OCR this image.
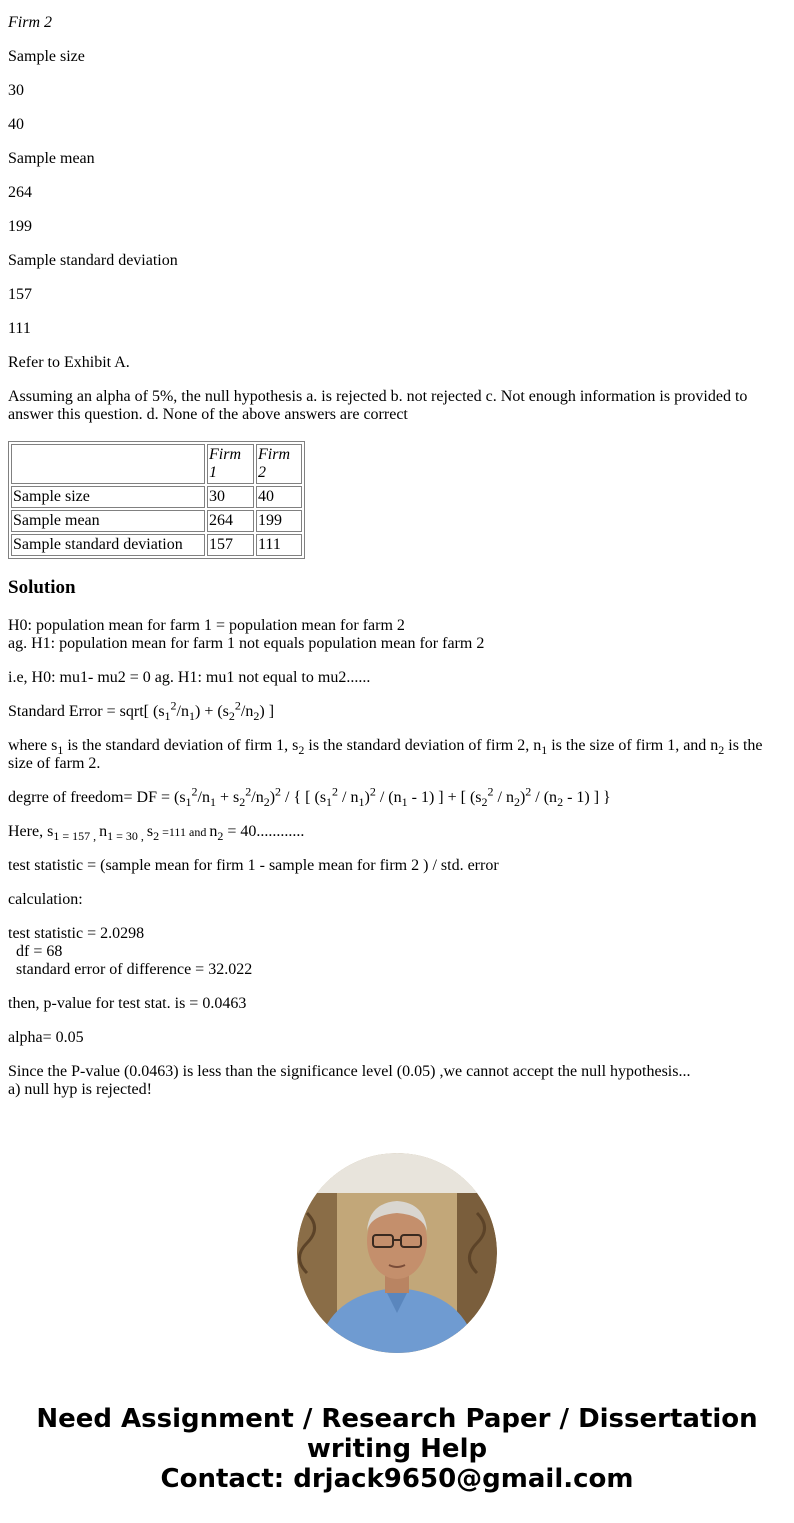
Firm 2

Sample size

30

40

Sample mean

264

199

Sample standard deviation

157

111

Refer to Exhibit A.

Assuming an alpha of 5%, the null hypothesis a. is rejected b. not rejected c. Not enough information is provided to answer this question. d. None of the above answers are correct

	Firm 1	Firm 2
Sample size	30	40
Sample mean	264	199
Sample standard deviation	157	111
Solution

H0: population mean for farm 1 = population mean for farm 2
ag. H1: population mean for farm 1 not equals population mean for farm 2

i.e, H0: mu1- mu2 = 0 ag. H1: mu1 not equal to mu2......

Standard Error = sqrt[ $(s_1^2/n_1) + (s_2^2/n_2)$ ]

where $s_1$ is the standard deviation of firm 1, $s_2$ is the standard deviation of firm 2, $n_1$ is the size of firm 1, and $n_2$ is the size of farm 2.

degrre of freedom= DF = $(s_1^2/n_1 + s_2^2/n_2)^2$ / { [ $(s_1^2 / n_1)^2 / (n_1 - 1)$ ] + [ $(s_2^2 / n_2)^2 / (n_2 - 1)$ ] }

Here, $s_{1 = 157 ,}$ $n_{1 = 30 ,}$ $s_2 =111$ and $n_2 = 40$............

test statistic = (sample mean for firm 1 - sample mean for firm 2 ) / std. error

calculation:

test statistic = 2.0298
df = 68
standard error of difference = 32.022

then, p-value for test stat. is = 0.0463

alpha= 0.05

Since the P-value (0.0463) is less than the significance level (0.05) ,we cannot accept the null hypothesis...
a) null hyp is rejected!

Need Assignment / Research Paper / Dissertation
writing Help
Contact: drjack9650@gmail.com
